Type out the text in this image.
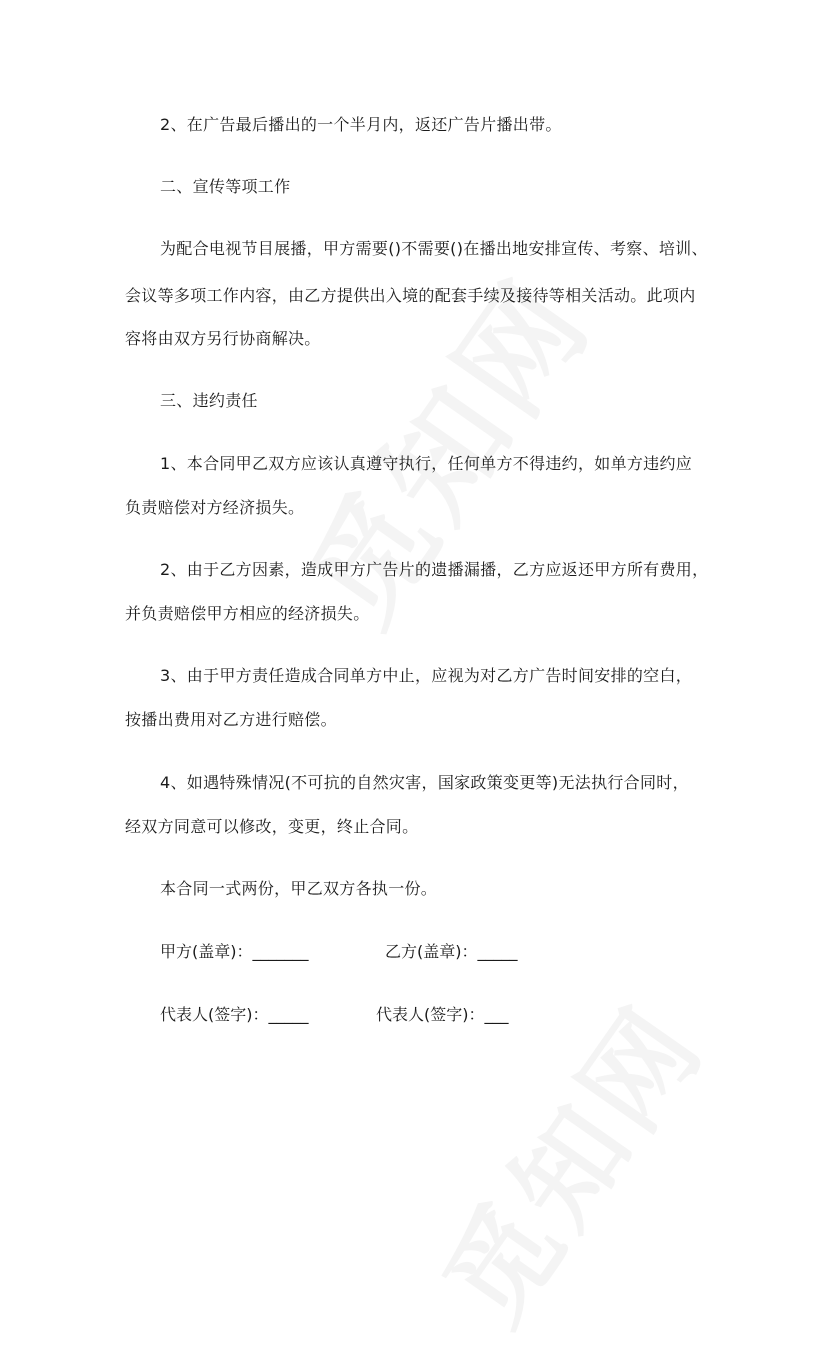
2、在广告最后播出的一个半月内，返还广告片播出带。
二、宣传等项工作
为配合电视节目展播，甲方需要()不需要()在播出地安排宣传、考察、培训、
会议等多项工作内容，由乙方提供出入境的配套手续及接待等相关活动。此项内
容将由双方另行协商解决。
三、违约责任
1、本合同甲乙双方应该认真遵守执行，任何单方不得违约，如单方违约应
负责赔偿对方经济损失。
2、由于乙方因素，造成甲方广告片的遗播漏播，乙方应返还甲方所有费用，
并负责赔偿甲方相应的经济损失。
3、由于甲方责任造成合同单方中止，应视为对乙方广告时间安排的空白，
按播出费用对乙方进行赔偿。
4、如遇特殊情况(不可抗的自然灾害，国家政策变更等)无法执行合同时，
经双方同意可以修改，变更，终止合同。
本合同一式两份，甲乙双方各执一份。
甲方(盖章)：_______	乙方(盖章)：_____
代表人(签字)：_____	代表人(签字)：___
